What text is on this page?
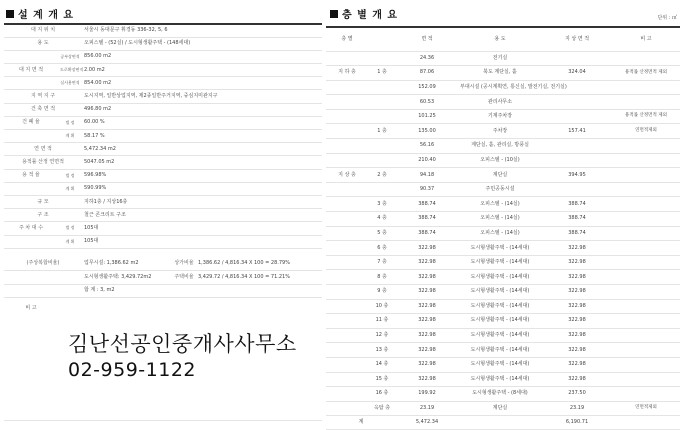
설 계 개 요
대 지 위 치		서울시 동대문구 휘경동 336-32, 5, 6
용 도		오피스텔 - (52실) / 도시형생활주택 - (148세대)
	공부상면적	856.00 m2
대 지 면 적	도로확장면적	2.00 m2
	실사용면적	854.00 m2
지 역 지 구		도시지역, 일반상업지역, 제2종일반주거지역, 중심지미관지구
건 축 면 적		496.80 m2
건 폐 율	법 정	60.00 %
	계 획	58.17 %
연 면 적		5,472.34 m2
용적률 산정 연면적		5047.05 m2
용 적 율	법 정	596.98%
	계 획	590.99%
규 모		지하1층 / 지상16층
구 조		철근 콘크리트 구조
주 차 대 수	법 정	105대
	계 획	105대
(주상복합비율)	업무시설: 1,386.62 m2	상가비율	1,386.62 / 4,816.34 X 100 = 28.79%
	도시형생활주택: 3,429.72m2	주택비율	3,429.72 / 4,816.34 X 100 = 71.21%
	합 계 : 3, m2		
비 고
층 별 개 요	단위 : ㎡
층 별		면 적	용 도	지 상 면 적	비 고
		24.36	전기실		
지 하 층	1 층	87.06	북도 계단실, 홀	324.04	용적률 산정면적 제외
		152.09	부대시설 (공시계획연, 통신실, 발전기실, 전기실)		
		60.53	관리사무소		
		101.25	기계주차장		용적률 산정면적 제외
	1 층	135.00	주차장	157.41	연면적제외
		56.16	계단실, 홀, 관리실, 방풍실		
		210.40	오피스텔 - (10실)		
지 상 층	2 층	94.18	계단실	394.95	
		90.37	주민공동시설		
	3 층	388.74	오피스텔 - (14실)	388.74	
	4 층	388.74	오피스텔 - (14실)	388.74	
	5 층	388.74	오피스텔 - (14실)	388.74	
	6 층	322.98	도시형생활주택 - (14세대)	322.98	
	7 층	322.98	도시형생활주택 - (14세대)	322.98	
	8 층	322.98	도시형생활주택 - (14세대)	322.98	
	9 층	322.98	도시형생활주택 - (14세대)	322.98	
	10 층	322.98	도시형생활주택 - (14세대)	322.98	
	11 층	322.98	도시형생활주택 - (14세대)	322.98	
	12 층	322.98	도시형생활주택 - (14세대)	322.98	
	13 층	322.98	도시형생활주택 - (14세대)	322.98	
	14 층	322.98	도시형생활주택 - (14세대)	322.98	
	15 층	322.98	도시형생활주택 - (14세대)	322.98	
	16 층	199.92	도시형생활주택 - (8세대)	237.50	
	옥탑 층	23.19	계단실	23.19	연면적제외
계		5,472.34		6,190.71	
김난선공인중개사사무소
02-959-1122
